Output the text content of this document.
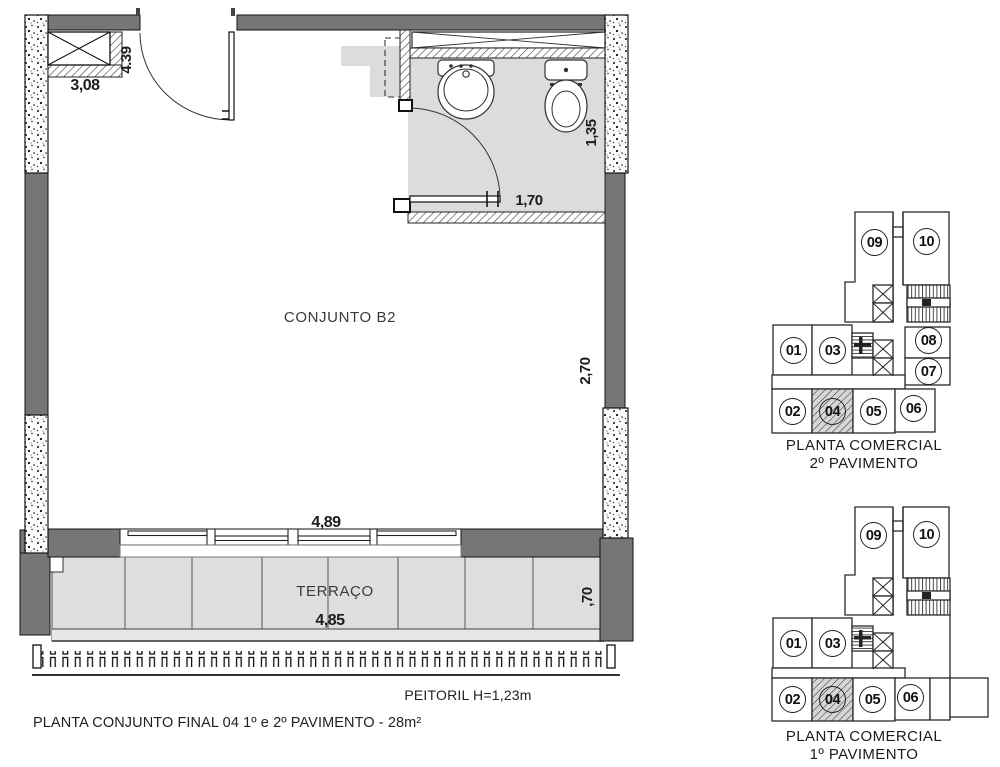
3,08
4.39
1,70
1,35
2,70
4,89
4,85
,70
CONJUNTO B2
TERRAÇO
PEITORIL H=1,23m
PLANTA CONJUNTO FINAL 04 1º e 2º PAVIMENTO - 28m²
09	10
01 03
08
07
02 04 05 06
PLANTA COMERCIAL
2º PAVIMENTO
09	10
01 03
02 04 05 06
PLANTA COMERCIAL
1º PAVIMENTO
